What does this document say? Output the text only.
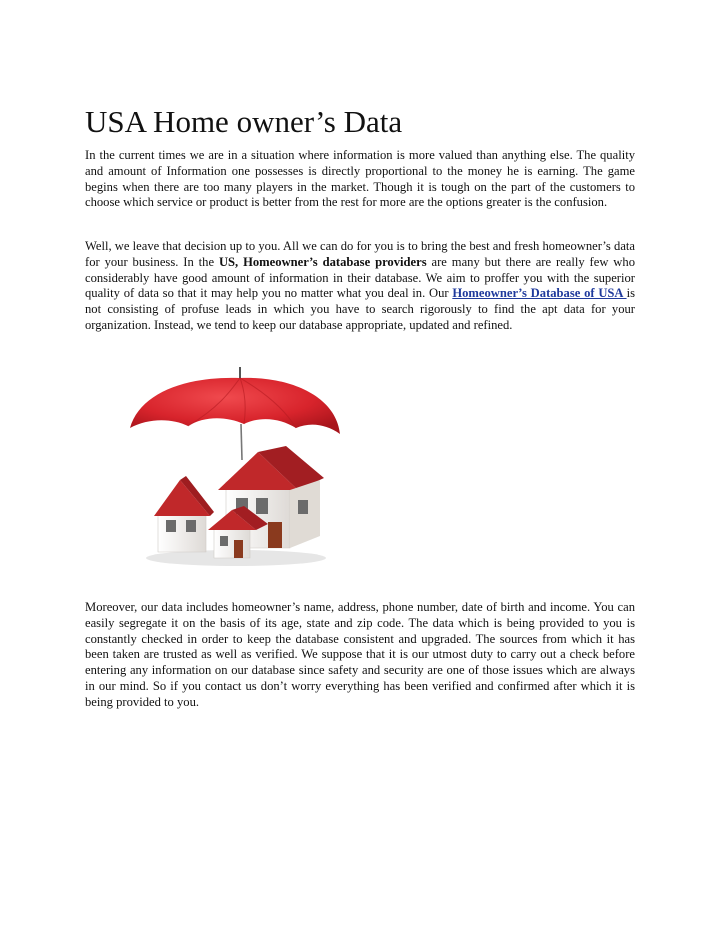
USA Home owner’s Data

In the current times we are in a situation where information is more valued than anything else. The quality and amount of Information one possesses is directly proportional to the money he is earning. The game begins when there are too many players in the market. Though it is tough on the part of the customers to choose which service or product is better from the rest for more are the options greater is the confusion.

Well, we leave that decision up to you. All we can do for you is to bring the best and fresh homeowner’s data for your business. In the US, Homeowner’s database providers are many but there are really few who considerably have good amount of information in their database. We aim to proffer you with the superior quality of data so that it may help you no matter what you deal in. Our Homeowner’s Database of USA is not consisting of profuse leads in which you have to search rigorously to find the apt data for your organization. Instead, we tend to keep our database appropriate, updated and refined.

Moreover, our data includes homeowner’s name, address, phone number, date of birth and income. You can easily segregate it on the basis of its age, state and zip code. The data which is being provided to you is constantly checked in order to keep the database consistent and upgraded. The sources from which it has been taken are trusted as well as verified. We suppose that it is our utmost duty to carry out a check before entering any information on our database since safety and security are one of those issues which are always in our mind. So if you contact us don’t worry everything has been verified and confirmed after which it is being provided to you.
